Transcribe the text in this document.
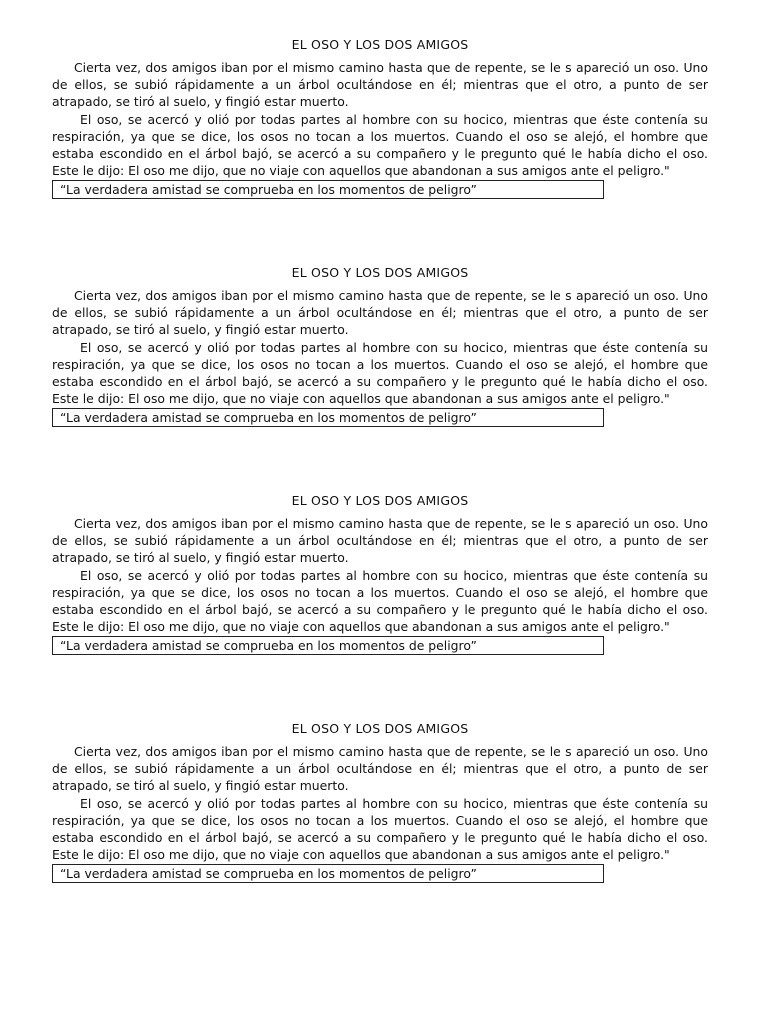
EL OSO Y LOS DOS AMIGOS

Cierta vez, dos amigos iban por el mismo camino hasta que de repente, se le s apareció un oso. Uno de ellos, se subió rápidamente a un árbol ocultándose en él; mientras que el otro, a punto de ser atrapado, se tiró al suelo, y fingió estar muerto.

El oso, se acercó y olió por todas partes al hombre con su hocico, mientras que éste contenía su respiración, ya que se dice, los osos no tocan a los muertos. Cuando el oso se alejó, el hombre que estaba escondido en el árbol bajó, se acercó a su compañero y le pregunto qué le había dicho el oso. Este le dijo: El oso me dijo, que no viaje con aquellos que abandonan a sus amigos ante el peligro."

“La verdadera amistad se comprueba en los momentos de peligro”
EL OSO Y LOS DOS AMIGOS

Cierta vez, dos amigos iban por el mismo camino hasta que de repente, se le s apareció un oso. Uno de ellos, se subió rápidamente a un árbol ocultándose en él; mientras que el otro, a punto de ser atrapado, se tiró al suelo, y fingió estar muerto.

El oso, se acercó y olió por todas partes al hombre con su hocico, mientras que éste contenía su respiración, ya que se dice, los osos no tocan a los muertos. Cuando el oso se alejó, el hombre que estaba escondido en el árbol bajó, se acercó a su compañero y le pregunto qué le había dicho el oso. Este le dijo: El oso me dijo, que no viaje con aquellos que abandonan a sus amigos ante el peligro."

“La verdadera amistad se comprueba en los momentos de peligro”
EL OSO Y LOS DOS AMIGOS

Cierta vez, dos amigos iban por el mismo camino hasta que de repente, se le s apareció un oso. Uno de ellos, se subió rápidamente a un árbol ocultándose en él; mientras que el otro, a punto de ser atrapado, se tiró al suelo, y fingió estar muerto.

El oso, se acercó y olió por todas partes al hombre con su hocico, mientras que éste contenía su respiración, ya que se dice, los osos no tocan a los muertos. Cuando el oso se alejó, el hombre que estaba escondido en el árbol bajó, se acercó a su compañero y le pregunto qué le había dicho el oso. Este le dijo: El oso me dijo, que no viaje con aquellos que abandonan a sus amigos ante el peligro."

“La verdadera amistad se comprueba en los momentos de peligro”
EL OSO Y LOS DOS AMIGOS

Cierta vez, dos amigos iban por el mismo camino hasta que de repente, se le s apareció un oso. Uno de ellos, se subió rápidamente a un árbol ocultándose en él; mientras que el otro, a punto de ser atrapado, se tiró al suelo, y fingió estar muerto.

El oso, se acercó y olió por todas partes al hombre con su hocico, mientras que éste contenía su respiración, ya que se dice, los osos no tocan a los muertos. Cuando el oso se alejó, el hombre que estaba escondido en el árbol bajó, se acercó a su compañero y le pregunto qué le había dicho el oso. Este le dijo: El oso me dijo, que no viaje con aquellos que abandonan a sus amigos ante el peligro."

“La verdadera amistad se comprueba en los momentos de peligro”
